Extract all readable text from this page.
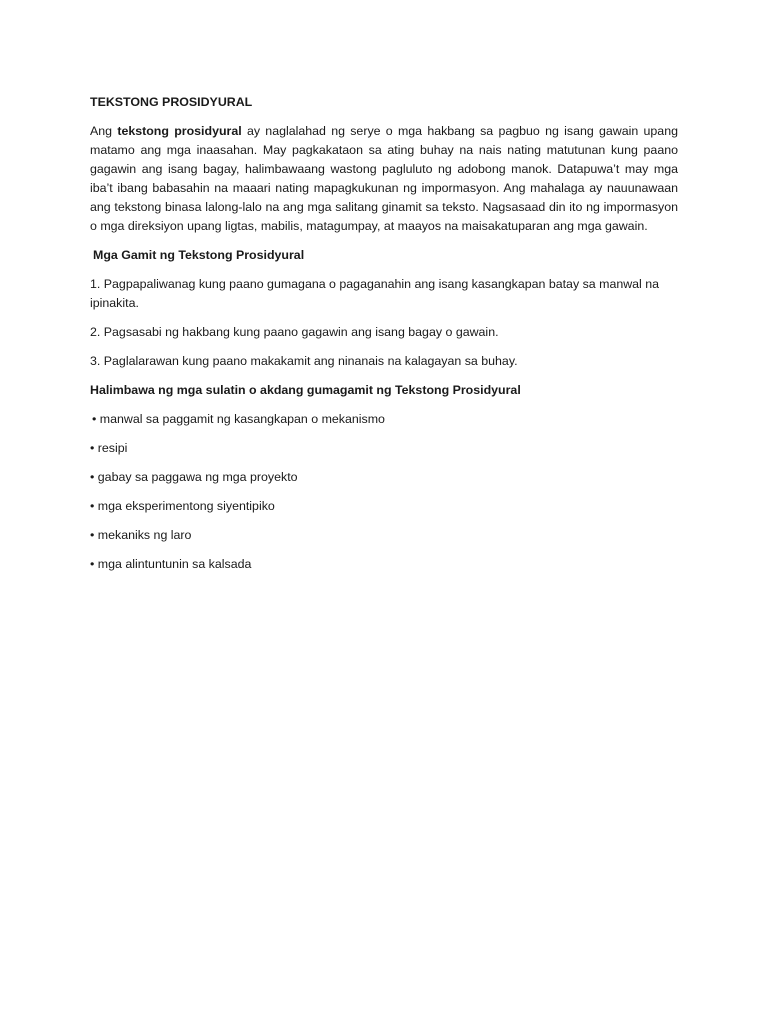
TEKSTONG PROSIDYURAL

Ang tekstong prosidyural ay naglalahad ng serye o mga hakbang sa pagbuo ng isang gawain upang matamo ang mga inaasahan. May pagkakataon sa ating buhay na nais nating matutunan kung paano gagawin ang isang bagay, halimbawaang wastong pagluluto ng adobong manok. Datapuwa’t may mga iba’t ibang babasahin na maaari nating mapagkukunan ng impormasyon. Ang mahalaga ay nauunawaan ang tekstong binasa lalong-lalo na ang mga salitang ginamit sa teksto. Nagsasaad din ito ng impormasyon o mga direksiyon upang ligtas, mabilis, matagumpay, at maayos na maisakatuparan ang mga gawain.

Mga Gamit ng Tekstong Prosidyural
1. Pagpapaliwanag kung paano gumagana o pagaganahin ang isang kasangkapan batay sa manwal na ipinakita.
2. Pagsasabi ng hakbang kung paano gagawin ang isang bagay o gawain.
3. Paglalarawan kung paano makakamit ang ninanais na kalagayan sa buhay.
Halimbawa ng mga sulatin o akdang gumagamit ng Tekstong Prosidyural
• manwal sa paggamit ng kasangkapan o mekanismo
• resipi
• gabay sa paggawa ng mga proyekto
• mga eksperimentong siyentipiko
• mekaniks ng laro
• mga alintuntunin sa kalsada
